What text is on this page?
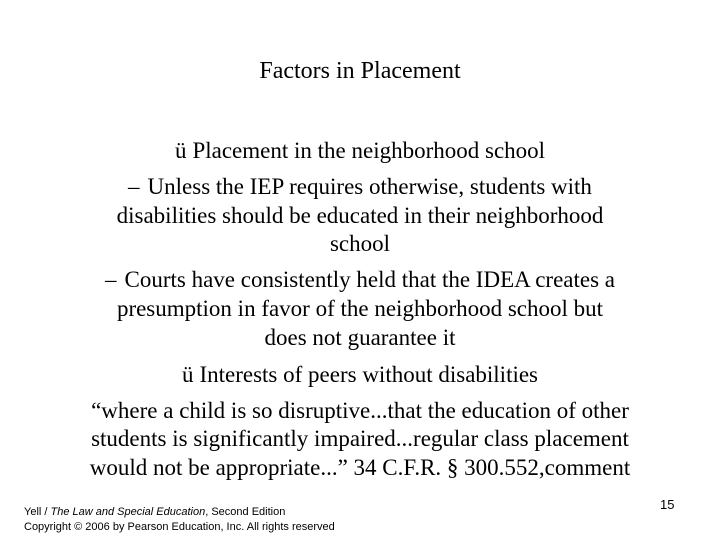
Factors in Placement
ü Placement in the neighborhood school
– Unless the IEP requires otherwise, students with
disabilities should be educated in their neighborhood
school
– Courts have consistently held that the IDEA creates a
presumption in favor of the neighborhood school but
does not guarantee it
ü Interests of peers without disabilities
“where a child is so disruptive...that the education of other
students is significantly impaired...regular class placement
would not be appropriate...” 34 C.F.R. § 300.552,comment
Yell / The Law and Special Education, Second Edition
Copyright © 2006 by Pearson Education, Inc. All rights reserved
15
